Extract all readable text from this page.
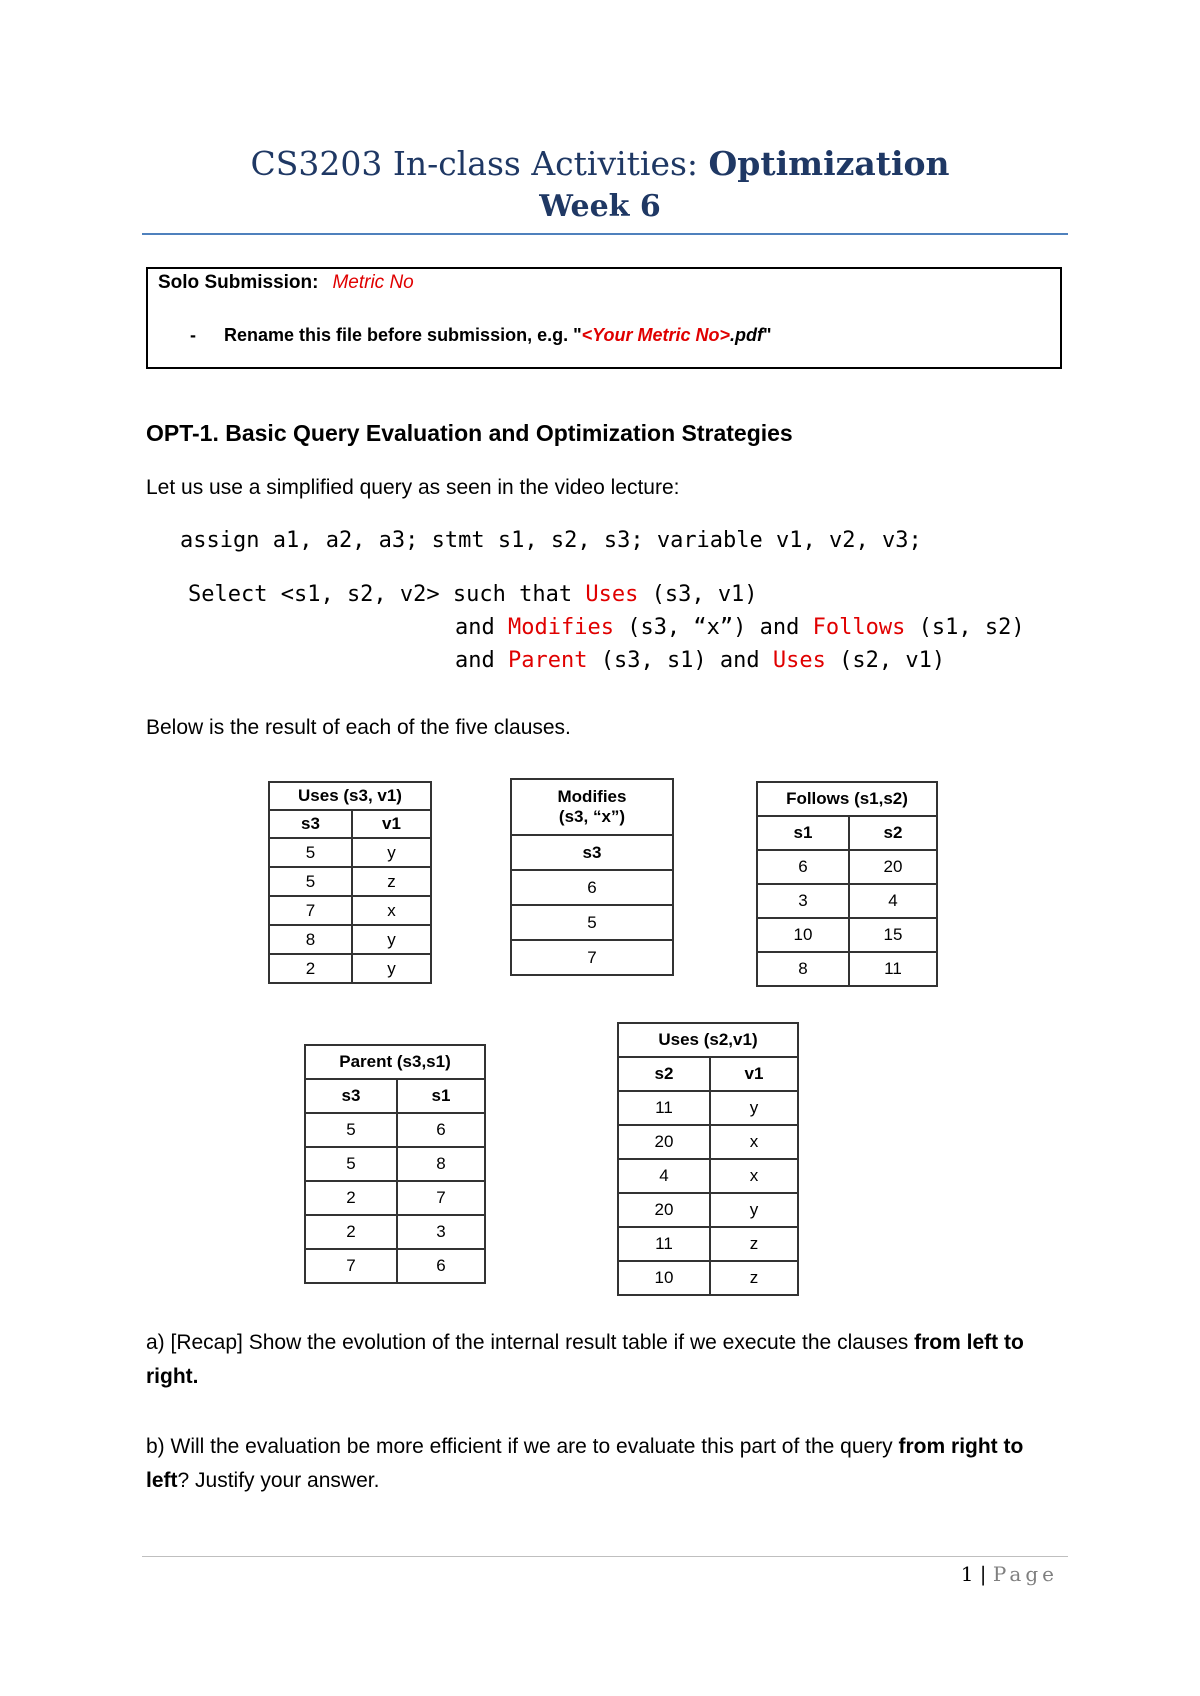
CS3203 In-class Activities: Optimization
Week 6
Solo Submission: Metric No
- Rename this file before submission, e.g. "<Your Metric No>.pdf"
OPT-1. Basic Query Evaluation and Optimization Strategies
Let us use a simplified query as seen in the video lecture:
assign a1, a2, a3; stmt s1, s2, s3; variable v1, v2, v3;
Select <s1, s2, v2> such that Uses (s3, v1)
and Modifies (s3, “x”) and Follows (s1, s2)
and Parent (s3, s1) and Uses (s2, v1)
Below is the result of each of the five clauses.
Uses (s3, v1)	
s3	v1
5	y
5	z
7	x
8	y
2	y
Modifies
(s3, “x”)
s3
6
5
7
Follows (s1,s2)	
s1	s2
6	20
3	4
10	15
8	11
Parent (s3,s1)	
s3	s1
5	6
5	8
2	7
2	3
7	6
Uses (s2,v1)	
s2	v1
11	y
20	x
4	x
20	y
11	z
10	z
a) [Recap] Show the evolution of the internal result table if we execute the clauses from left to right.
b) Will the evaluation be more efficient if we are to evaluate this part of the query from right to left? Justify your answer.
1 | Page
